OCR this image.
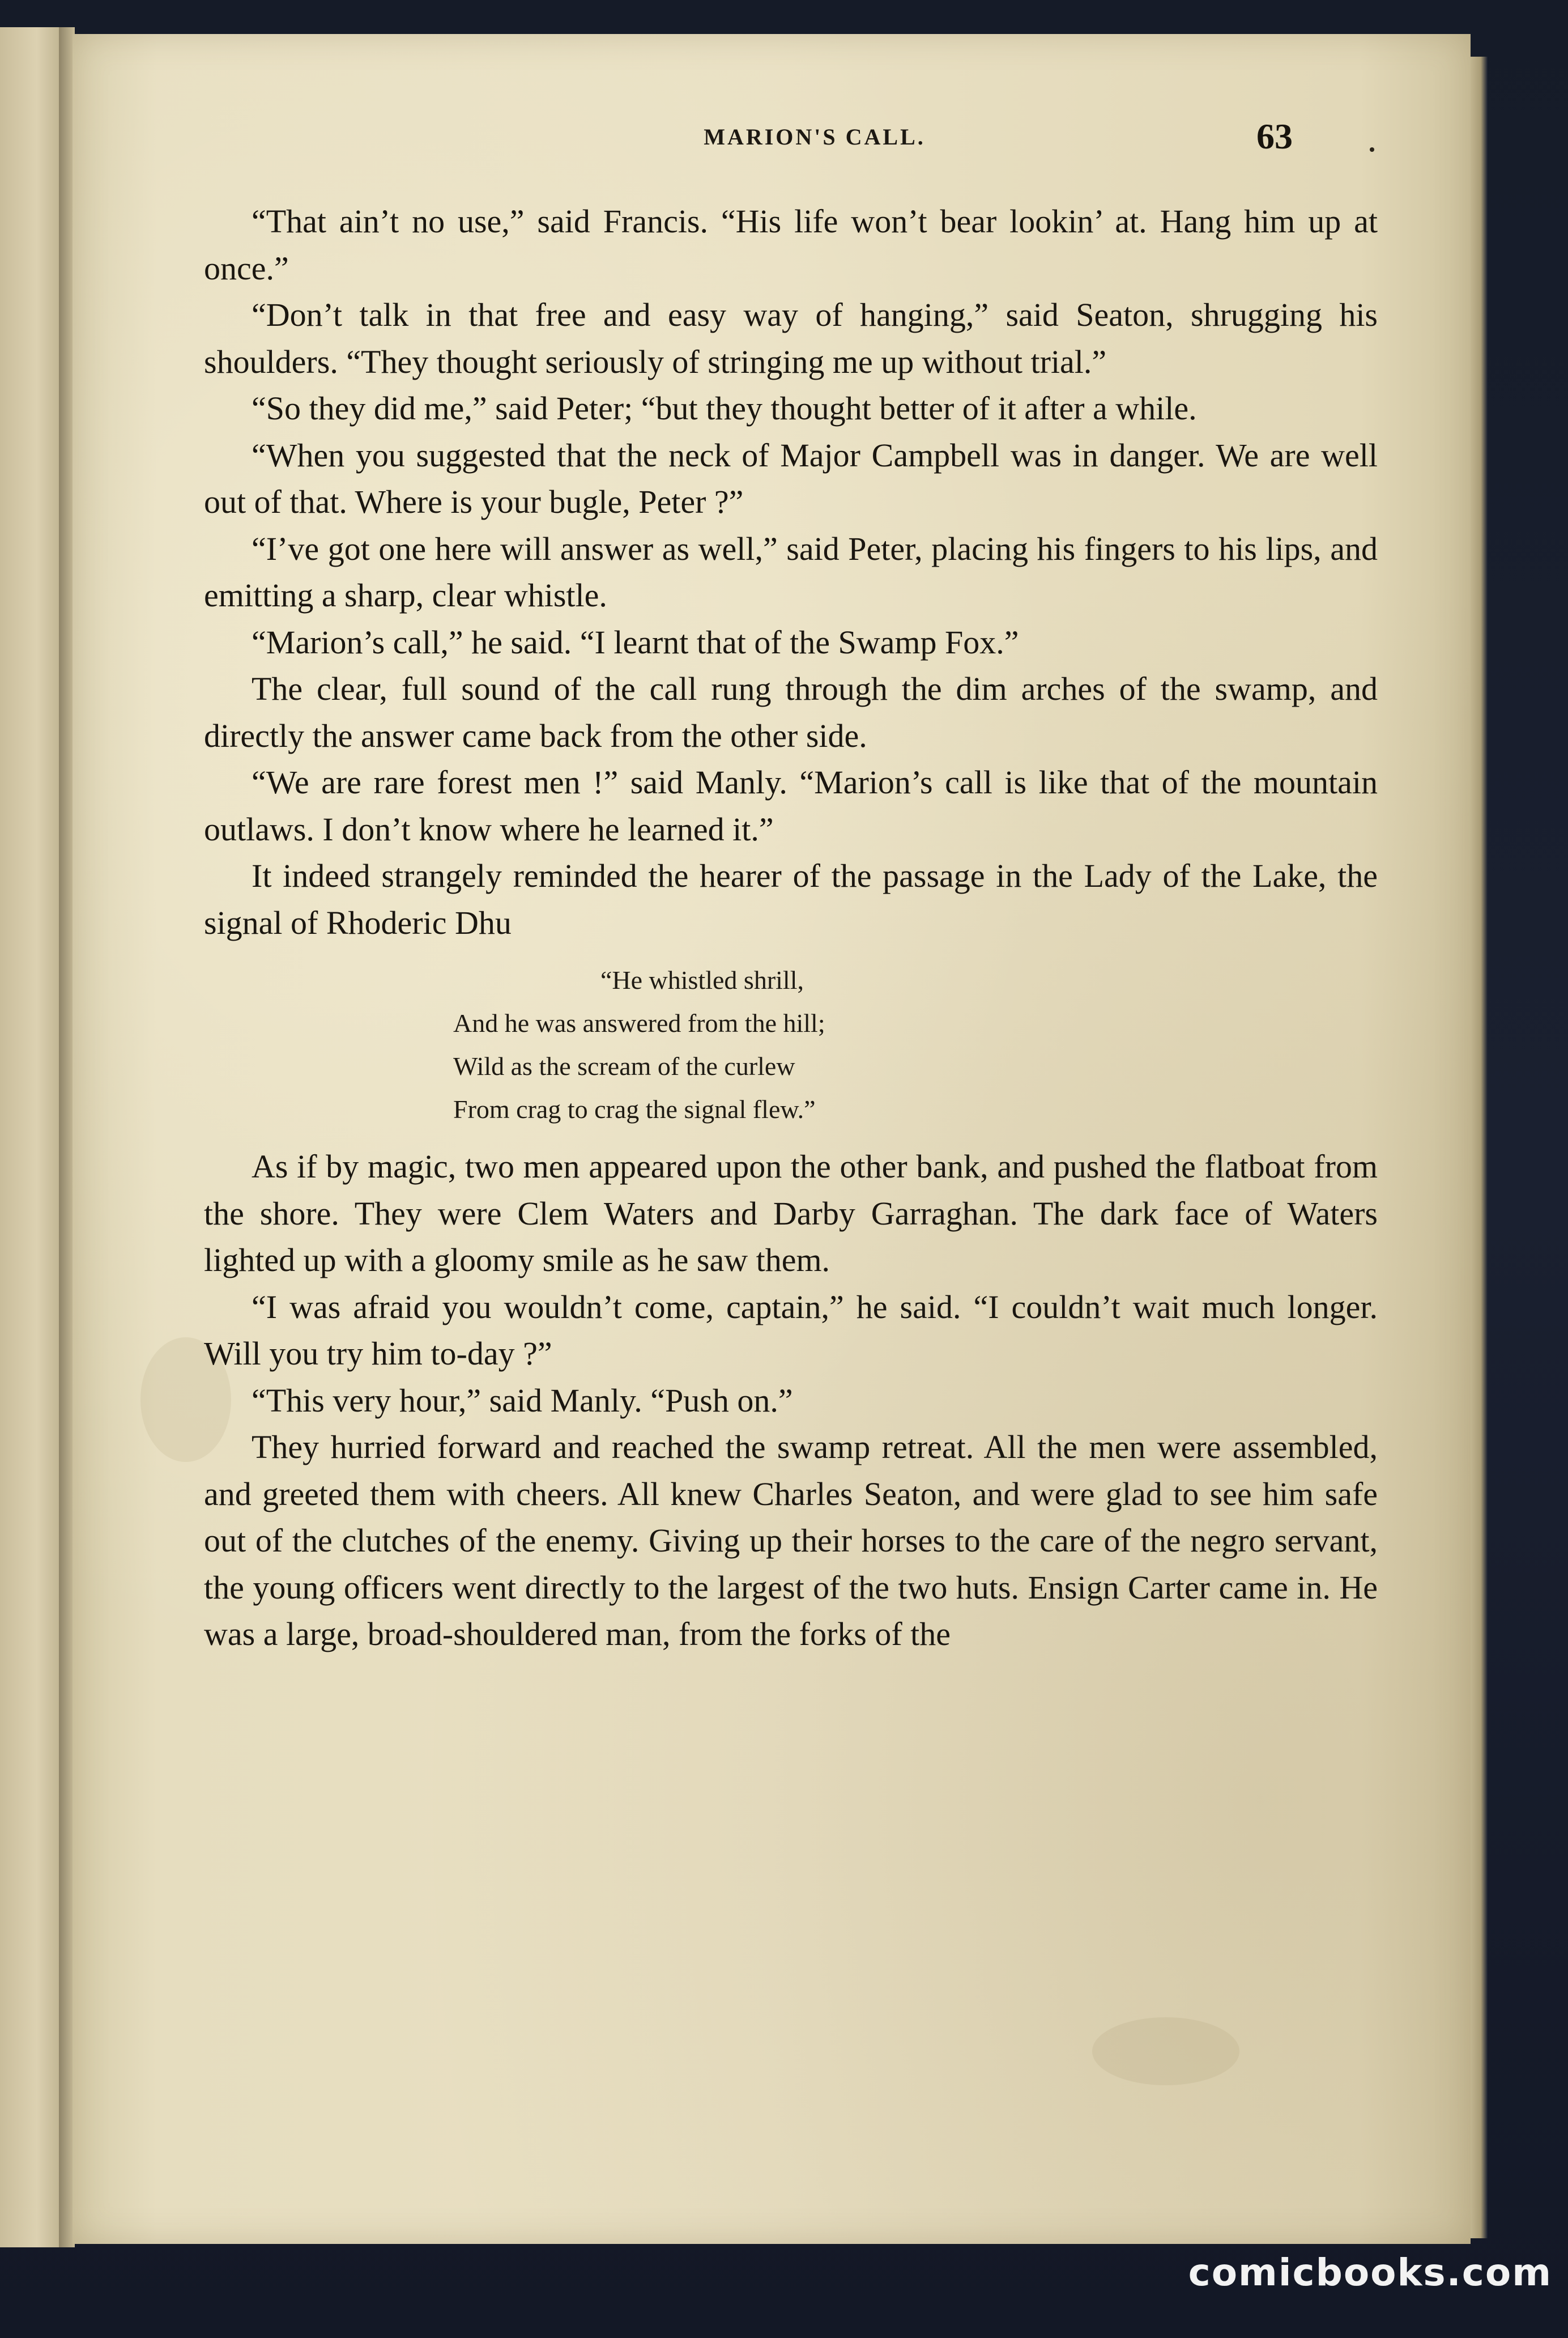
MARION'S CALL.	63

“That ain’t no use,” said Francis. “His life won’t bear lookin’ at. Hang him up at once.”

“Don’t talk in that free and easy way of hanging,” said Seaton, shrugging his shoulders. “They thought seriously of stringing me up without trial.”

“So they did me,” said Peter; “but they thought better of it after a while.

“When you suggested that the neck of Major Campbell was in danger. We are well out of that. Where is your bugle, Peter ?”

“I’ve got one here will answer as well,” said Peter, placing his fingers to his lips, and emitting a sharp, clear whistle.

“Marion’s call,” he said. “I learnt that of the Swamp Fox.”

The clear, full sound of the call rung through the dim arches of the swamp, and directly the answer came back from the other side.

“We are rare forest men !” said Manly. “Marion’s call is like that of the mountain outlaws. I don’t know where he learned it.”

It indeed strangely reminded the hearer of the passage in the Lady of the Lake, the signal of Rhoderic Dhu

“He whistled shrill,
And he was answered from the hill;
Wild as the scream of the curlew
From crag to crag the signal flew.”

As if by magic, two men appeared upon the other bank, and pushed the flatboat from the shore. They were Clem Waters and Darby Garraghan. The dark face of Waters lighted up with a gloomy smile as he saw them.

“I was afraid you wouldn’t come, captain,” he said. “I couldn’t wait much longer. Will you try him to-day ?”

“This very hour,” said Manly. “Push on.”

They hurried forward and reached the swamp retreat. All the men were assembled, and greeted them with cheers. All knew Charles Seaton, and were glad to see him safe out of the clutches of the enemy. Giving up their horses to the care of the negro servant, the young officers went directly to the largest of the two huts. Ensign Carter came in. He was a large, broad-shouldered man, from the forks of the

comicbooks.com
